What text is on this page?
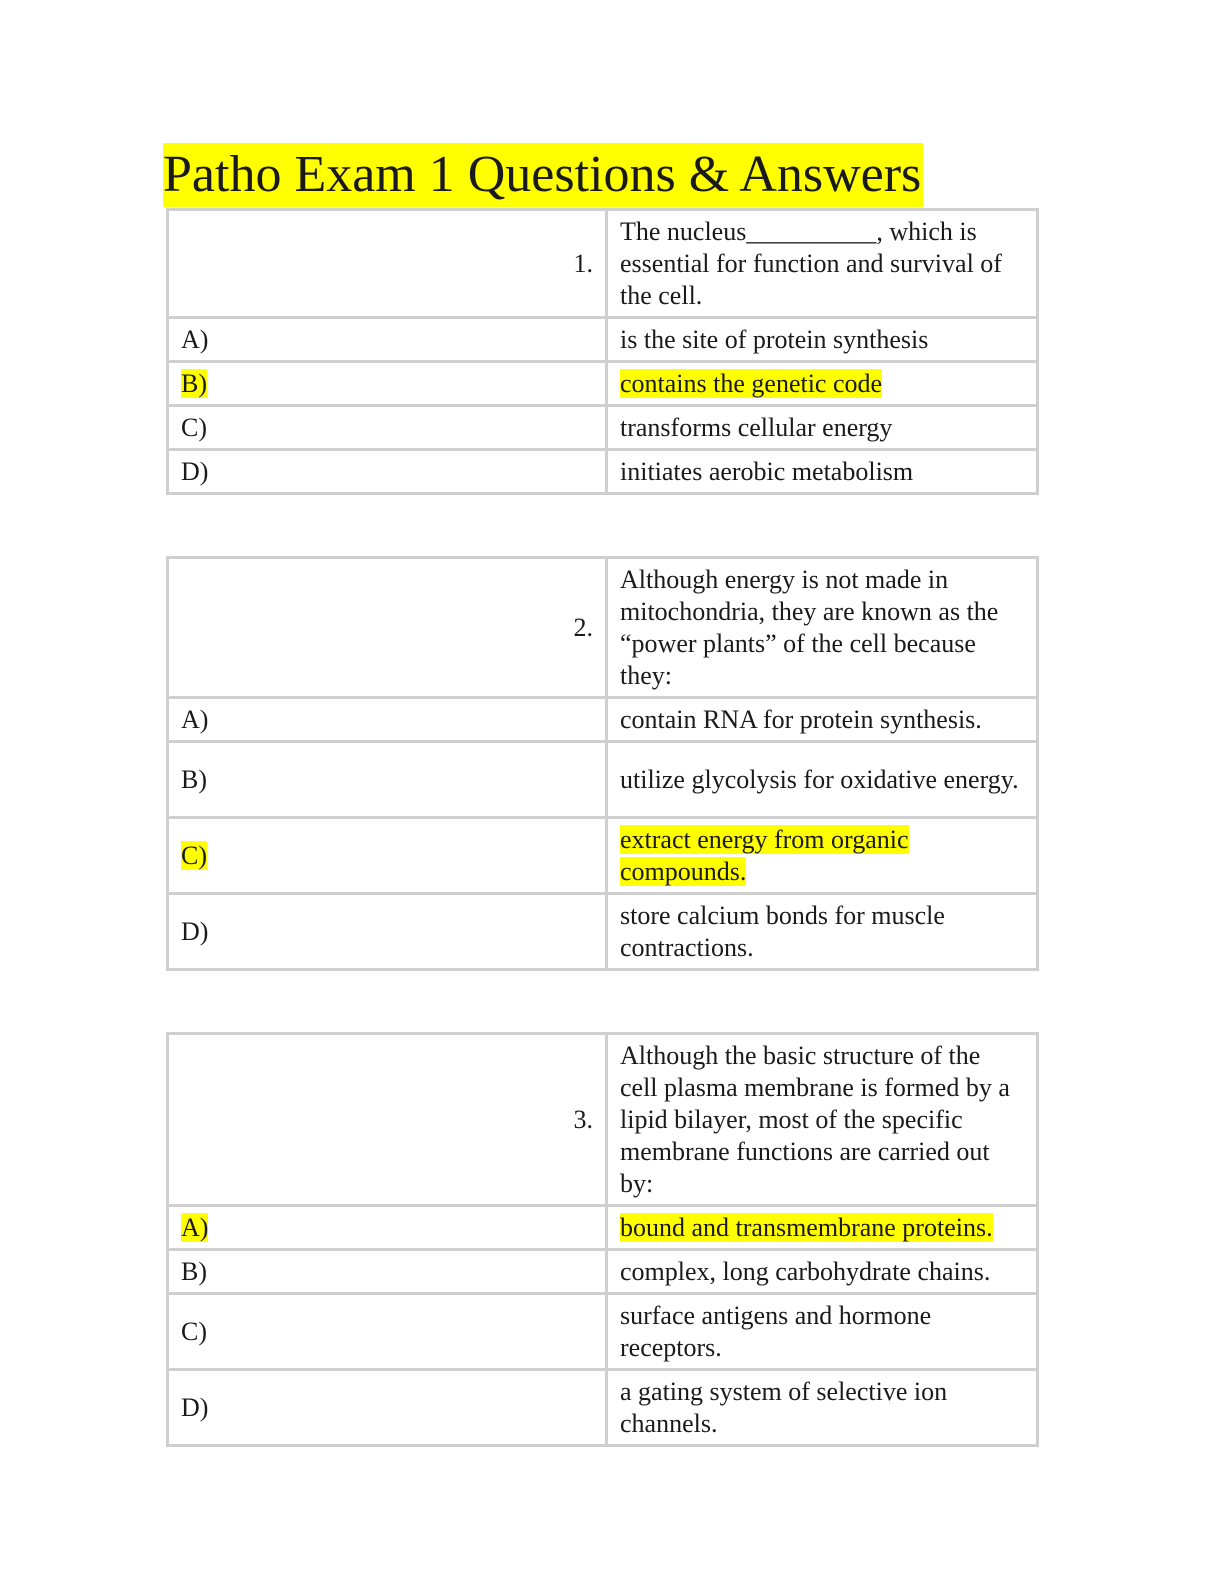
Patho Exam 1 Questions & Answers
1.	The nucleus__________, which is essential for function and survival of the cell.

A)	is the site of protein synthesis
B)	contains the genetic code
C)	transforms cellular energy
D)	initiates aerobic metabolism
2.	Although energy is not made in mitochondria, they are known as the “power plants” of the cell because they:

A)	contain RNA for protein synthesis.
B)	utilize glycolysis for oxidative energy.
C)	extract energy from organic compounds.
D)	store calcium bonds for muscle contractions.
3.	Although the basic structure of the cell plasma membrane is formed by a lipid bilayer, most of the specific membrane functions are carried out by:

A)	bound and transmembrane proteins.
B)	complex, long carbohydrate chains.
C)	surface antigens and hormone receptors.
D)	a gating system of selective ion channels.
